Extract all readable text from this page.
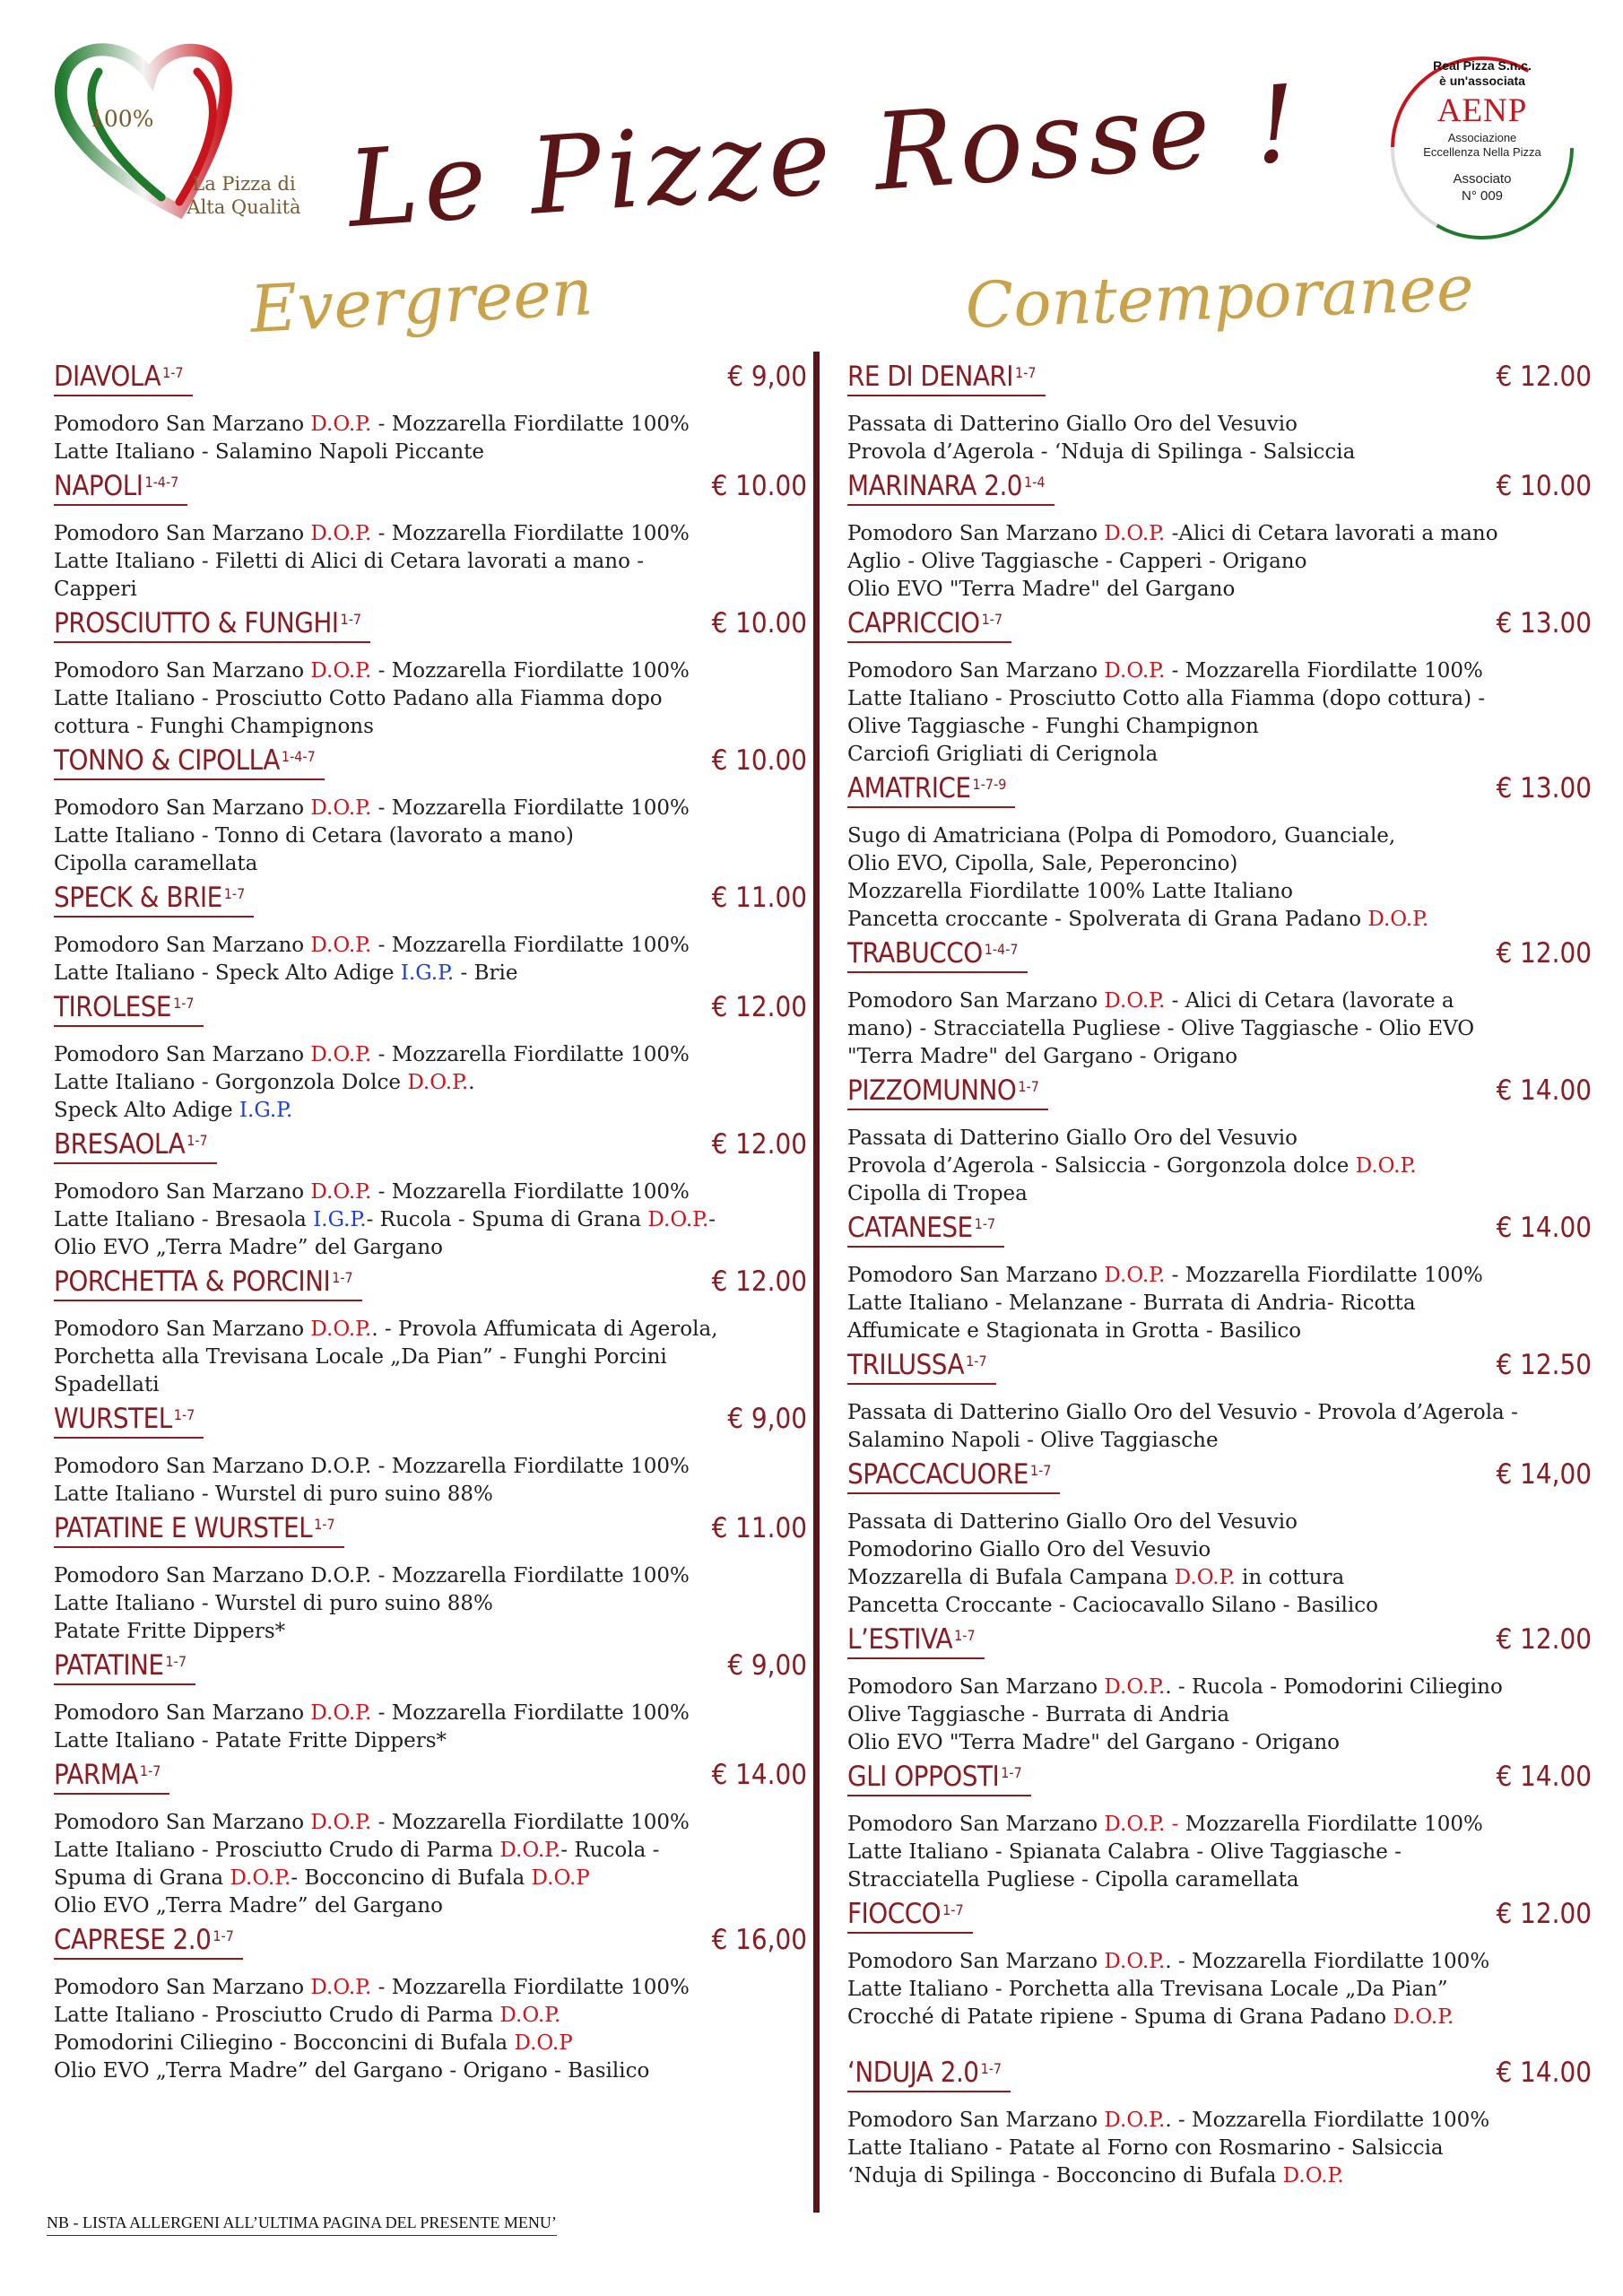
100%
La Pizza di
Alta Qualità Le Pizze Rosse !
Evergreen	Contemporanee
Real Pizza S.n.c.
è un'associata
AENP
Associazione
Eccellenza Nella Pizza
Associato
N° 009
DIAVOLA $^{1-7}$	€ 9,00
Pomodoro San Marzano D.O.P. - Mozzarella Fiordilatte 100%
Latte Italiano - Salamino Napoli Piccante
NAPOLI $^{1-4-7}$	€ 10.00
Pomodoro San Marzano D.O.P. - Mozzarella Fiordilatte 100%
Latte Italiano - Filetti di Alici di Cetara lavorati a mano -
Capperi
PROSCIUTTO & FUNGHI $^{1-7}$	€ 10.00
Pomodoro San Marzano D.O.P. - Mozzarella Fiordilatte 100%
Latte Italiano - Prosciutto Cotto Padano alla Fiamma dopo
cottura - Funghi Champignons
TONNO & CIPOLLA $^{1-4-7}$	€ 10.00
Pomodoro San Marzano D.O.P. - Mozzarella Fiordilatte 100%
Latte Italiano - Tonno di Cetara (lavorato a mano)
Cipolla caramellata
SPECK & BRIE $^{1-7}$	€ 11.00
Pomodoro San Marzano D.O.P. - Mozzarella Fiordilatte 100%
Latte Italiano - Speck Alto Adige I.G.P. - Brie
TIROLESE $^{1-7}$	€ 12.00
Pomodoro San Marzano D.O.P. - Mozzarella Fiordilatte 100%
Latte Italiano - Gorgonzola Dolce D.O.P..
Speck Alto Adige I.G.P.
BRESAOLA $^{1-7}$	€ 12.00
Pomodoro San Marzano D.O.P. - Mozzarella Fiordilatte 100%
Latte Italiano - Bresaola I.G.P.- Rucola - Spuma di Grana D.O.P.-
Olio EVO „Terra Madre” del Gargano
PORCHETTA & PORCINI $^{1-7}$	€ 12.00
Pomodoro San Marzano D.O.P.. - Provola Affumicata di Agerola,
Porchetta alla Trevisana Locale „Da Pian” - Funghi Porcini
Spadellati
WURSTEL $^{1-7}$	€ 9,00
Pomodoro San Marzano D.O.P. - Mozzarella Fiordilatte 100%
Latte Italiano - Wurstel di puro suino 88%
PATATINE E WURSTEL $^{1-7}$	€ 11.00
Pomodoro San Marzano D.O.P. - Mozzarella Fiordilatte 100%
Latte Italiano - Wurstel di puro suino 88%
Patate Fritte Dippers*
PATATINE $^{1-7}$	€ 9,00
Pomodoro San Marzano D.O.P. - Mozzarella Fiordilatte 100%
Latte Italiano - Patate Fritte Dippers*
PARMA $^{1-7}$	€ 14.00
Pomodoro San Marzano D.O.P. - Mozzarella Fiordilatte 100%
Latte Italiano - Prosciutto Crudo di Parma D.O.P.- Rucola -
Spuma di Grana D.O.P.- Bocconcino di Bufala D.O.P
Olio EVO „Terra Madre” del Gargano
CAPRESE 2.0 $^{1-7}$	€ 16,00
Pomodoro San Marzano D.O.P. - Mozzarella Fiordilatte 100%
Latte Italiano - Prosciutto Crudo di Parma D.O.P.
Pomodorini Ciliegino - Bocconcini di Bufala D.O.P
Olio EVO „Terra Madre” del Gargano - Origano - Basilico
RE DI DENARI $^{1-7}$	€ 12.00
Passata di Datterino Giallo Oro del Vesuvio
Provola d’Agerola - ‘Nduja di Spilinga - Salsiccia
MARINARA 2.0 $^{1-4}$	€ 10.00
Pomodoro San Marzano D.O.P. -Alici di Cetara lavorati a mano
Aglio - Olive Taggiasche - Capperi - Origano
Olio EVO "Terra Madre" del Gargano
CAPRICCIO $^{1-7}$	€ 13.00
Pomodoro San Marzano D.O.P. - Mozzarella Fiordilatte 100%
Latte Italiano - Prosciutto Cotto alla Fiamma (dopo cottura) -
Olive Taggiasche - Funghi Champignon
Carciofi Grigliati di Cerignola
AMATRICE $^{1-7-9}$	€ 13.00
Sugo di Amatriciana (Polpa di Pomodoro, Guanciale,
Olio EVO, Cipolla, Sale, Peperoncino)
Mozzarella Fiordilatte 100% Latte Italiano
Pancetta croccante - Spolverata di Grana Padano D.O.P.
TRABUCCO $^{1-4-7}$	€ 12.00
Pomodoro San Marzano D.O.P. - Alici di Cetara (lavorate a
mano) - Stracciatella Pugliese - Olive Taggiasche - Olio EVO
"Terra Madre" del Gargano - Origano
PIZZOMUNNO $^{1-7}$	€ 14.00
Passata di Datterino Giallo Oro del Vesuvio
Provola d’Agerola - Salsiccia - Gorgonzola dolce D.O.P.
Cipolla di Tropea
CATANESE $^{1-7}$	€ 14.00
Pomodoro San Marzano D.O.P. - Mozzarella Fiordilatte 100%
Latte Italiano - Melanzane - Burrata di Andria- Ricotta
Affumicate e Stagionata in Grotta - Basilico
TRILUSSA $^{1-7}$	€ 12.50
Passata di Datterino Giallo Oro del Vesuvio - Provola d’Agerola -
Salamino Napoli - Olive Taggiasche
SPACCACUORE $^{1-7}$	€ 14,00
Passata di Datterino Giallo Oro del Vesuvio
Pomodorino Giallo Oro del Vesuvio
Mozzarella di Bufala Campana D.O.P. in cottura
Pancetta Croccante - Caciocavallo Silano - Basilico
L’ESTIVA $^{1-7}$	€ 12.00
Pomodoro San Marzano D.O.P.. - Rucola - Pomodorini Ciliegino
Olive Taggiasche - Burrata di Andria
Olio EVO "Terra Madre" del Gargano - Origano
GLI OPPOSTI $^{1-7}$	€ 14.00
Pomodoro San Marzano D.O.P. - Mozzarella Fiordilatte 100%
Latte Italiano - Spianata Calabra - Olive Taggiasche -
Stracciatella Pugliese - Cipolla caramellata
FIOCCO $^{1-7}$	€ 12.00
Pomodoro San Marzano D.O.P.. - Mozzarella Fiordilatte 100%
Latte Italiano - Porchetta alla Trevisana Locale „Da Pian”
Crocché di Patate ripiene - Spuma di Grana Padano D.O.P.
‘NDUJA 2.0 $^{1-7}$	€ 14.00
Pomodoro San Marzano D.O.P.. - Mozzarella Fiordilatte 100%
Latte Italiano - Patate al Forno con Rosmarino - Salsiccia
‘Nduja di Spilinga - Bocconcino di Bufala D.O.P.
NB - LISTA ALLERGENI ALL’ULTIMA PAGINA DEL PRESENTE MENU’
